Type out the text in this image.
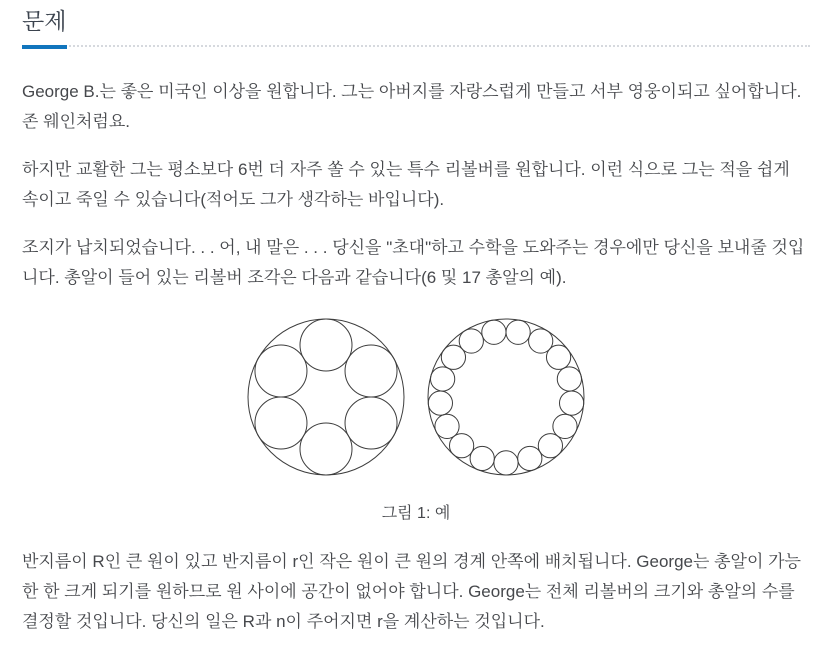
문제

George B.는 좋은 미국인 이상을 원합니다. 그는 아버지를 자랑스럽게 만들고 서부 영웅이되고 싶어합니다. 존 웨인처럼요.

하지만 교활한 그는 평소보다 6번 더 자주 쏠 수 있는 특수 리볼버를 원합니다. 이런 식으로 그는 적을 쉽게 속이고 죽일 수 있습니다(적어도 그가 생각하는 바입니다).

조지가 납치되었습니다. . . 어, 내 말은 . . . 당신을 "초대"하고 수학을 도와주는 경우에만 당신을 보내줄 것입니다. 총알이 들어 있는 리볼버 조각은 다음과 같습니다(6 및 17 총알의 예).

그림 1: 예

반지름이 R인 큰 원이 있고 반지름이 r인 작은 원이 큰 원의 경계 안쪽에 배치됩니다. George는 총알이 가능한 한 크게 되기를 원하므로 원 사이에 공간이 없어야 합니다. George는 전체 리볼버의 크기와 총알의 수를 결정할 것입니다. 당신의 일은 R과 n이 주어지면 r을 계산하는 것입니다.
